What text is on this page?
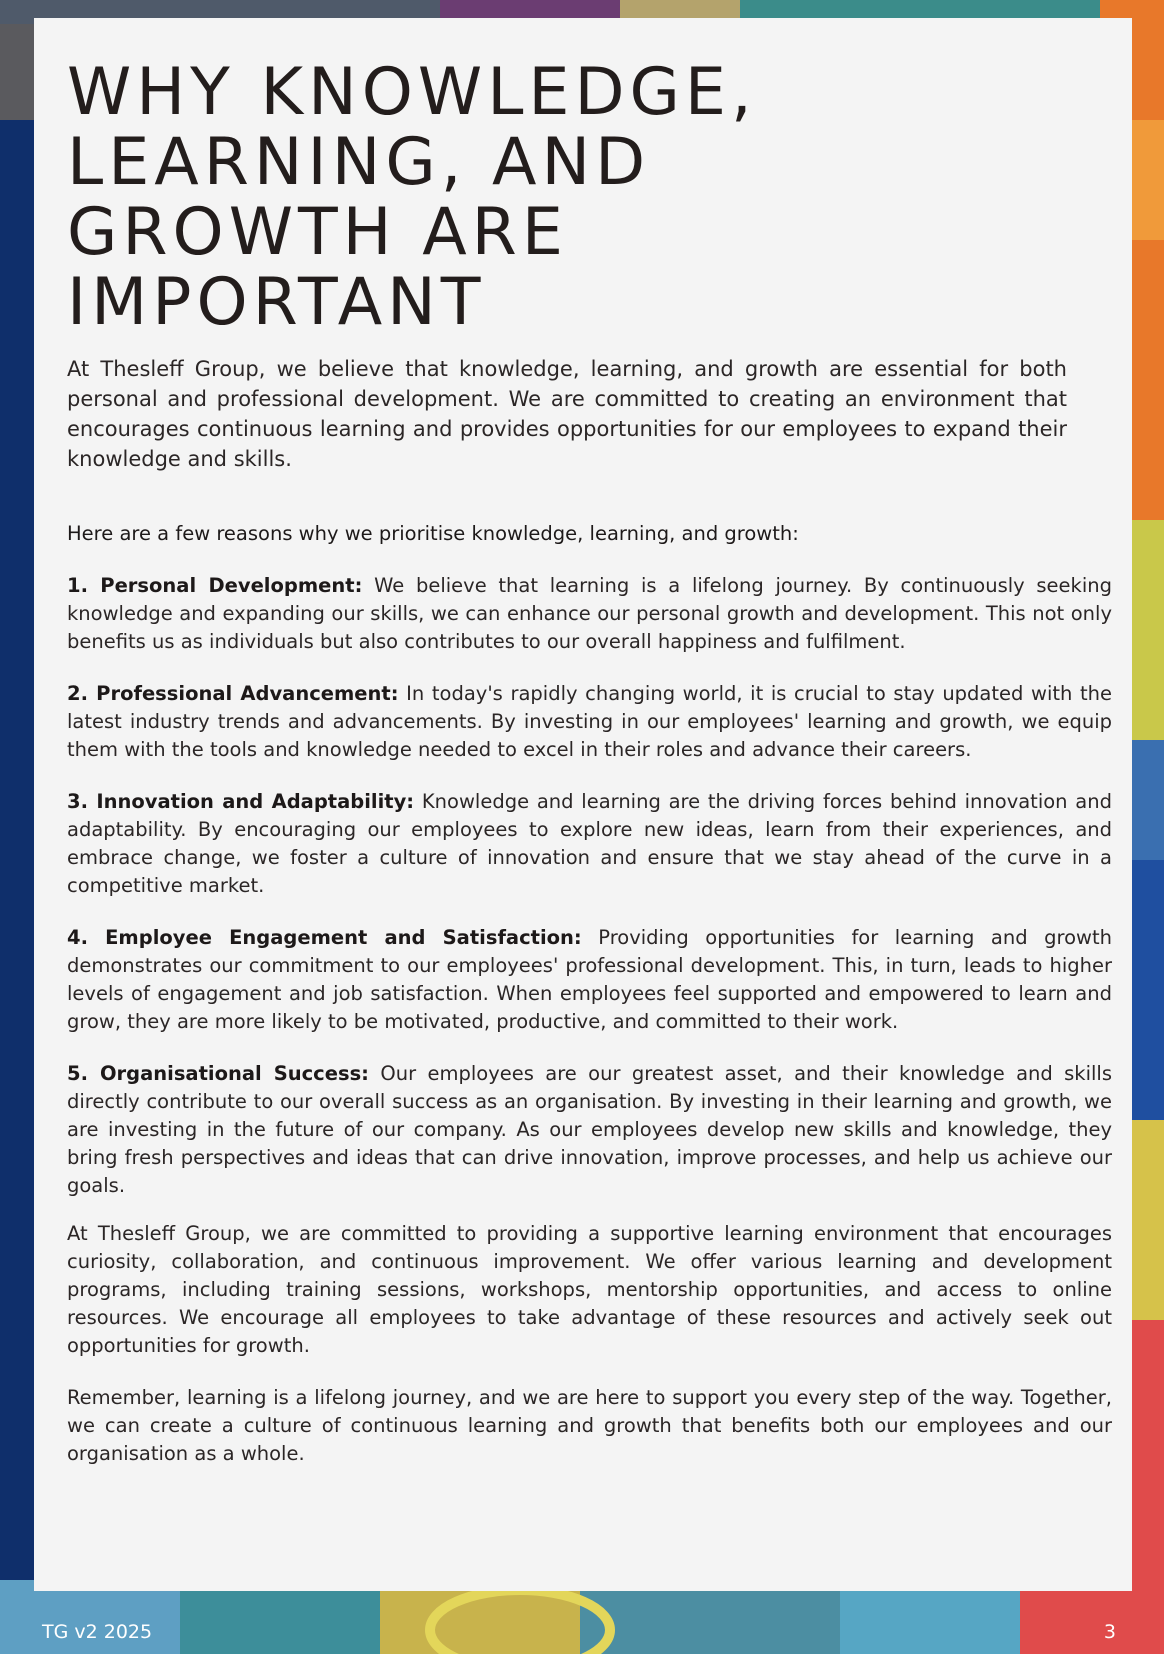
WHY KNOWLEDGE,
LEARNING, AND
GROWTH ARE
IMPORTANT

At Thesleff Group, we believe that knowledge, learning, and growth are essential for both personal and professional development. We are committed to creating an environment that encourages continuous learning and provides opportunities for our employees to expand their knowledge and skills.

Here are a few reasons why we prioritise knowledge, learning, and growth:

1. Personal Development: We believe that learning is a lifelong journey. By continuously seeking knowledge and expanding our skills, we can enhance our personal growth and development. This not only benefits us as individuals but also contributes to our overall happiness and fulfilment.

2. Professional Advancement: In today's rapidly changing world, it is crucial to stay updated with the latest industry trends and advancements. By investing in our employees' learning and growth, we equip them with the tools and knowledge needed to excel in their roles and advance their careers.

3. Innovation and Adaptability: Knowledge and learning are the driving forces behind innovation and adaptability. By encouraging our employees to explore new ideas, learn from their experiences, and embrace change, we foster a culture of innovation and ensure that we stay ahead of the curve in a competitive market.

4. Employee Engagement and Satisfaction: Providing opportunities for learning and growth demonstrates our commitment to our employees' professional development. This, in turn, leads to higher levels of engagement and job satisfaction. When employees feel supported and empowered to learn and grow, they are more likely to be motivated, productive, and committed to their work.

5. Organisational Success: Our employees are our greatest asset, and their knowledge and skills directly contribute to our overall success as an organisation. By investing in their learning and growth, we are investing in the future of our company. As our employees develop new skills and knowledge, they bring fresh perspectives and ideas that can drive innovation, improve processes, and help us achieve our goals.

At Thesleff Group, we are committed to providing a supportive learning environment that encourages curiosity, collaboration, and continuous improvement. We offer various learning and development programs, including training sessions, workshops, mentorship opportunities, and access to online resources. We encourage all employees to take advantage of these resources and actively seek out opportunities for growth.

Remember, learning is a lifelong journey, and we are here to support you every step of the way. Together, we can create a culture of continuous learning and growth that benefits both our employees and our organisation as a whole.

TG v2 2025	3
